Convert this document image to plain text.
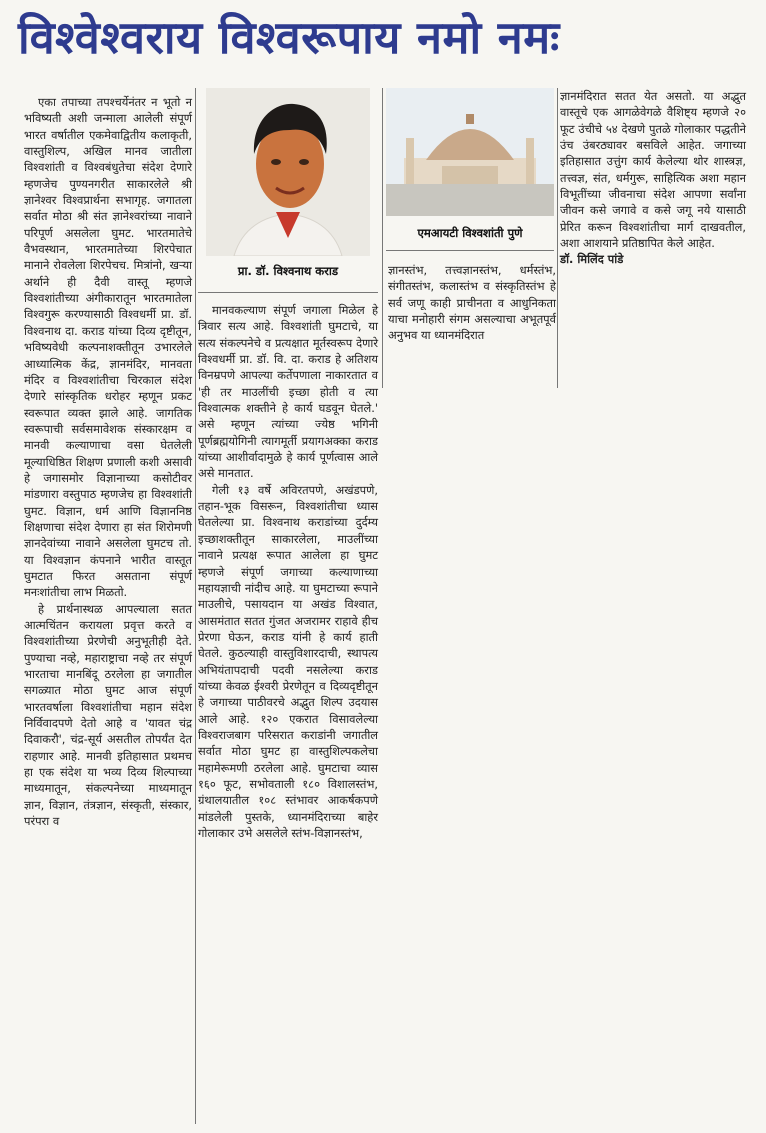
विश्वेश्वराय विश्वरूपाय नमो नमः

एका तपाच्या तपश्चर्येनंतर न भूतो न भविष्यती अशी जन्माला आलेली संपूर्ण भारत वर्षातील एकमेवाद्वितीय कलाकृती, वास्तुशिल्प, अखिल मानव जातीला विश्वशांती व विश्वबंधुतेचा संदेश देणारे म्हणजेच पुण्यनगरीत साकारलेले श्री ज्ञानेश्वर विश्वप्रार्थना सभागृह. जगातला सर्वात मोठा श्री संत ज्ञानेश्वरांच्या नावाने परिपूर्ण असलेला घुमट. भारतमातेचे वैभवस्थान, भारतमातेच्या शिरपेचात मानाने रोवलेला शिरपेचच. मित्रांनो, खऱ्या अर्थाने ही दैवी वास्तू म्हणजे विश्वशांतीच्या अंगीकारातून भारतमातेला विश्वगुरू करण्यासाठी विश्वधर्मी प्रा. डॉ. विश्वनाथ दा. कराड यांच्या दिव्य दृष्टीतून, भविष्यवेधी कल्पनाशक्तीतून उभारलेले आध्यात्मिक केंद्र, ज्ञानमंदिर, मानवता मंदिर व विश्वशांतीचा चिरकाल संदेश देणारे सांस्कृतिक धरोहर म्हणून प्रकट स्वरूपात व्यक्त झाले आहे. जागतिक स्वरूपाची सर्वसमावेशक संस्कारक्षम व मानवी कल्याणाचा वसा घेतलेली मूल्याधिष्ठित शिक्षण प्रणाली कशी असावी हे जगासमोर विज्ञानाच्या कसोटीवर मांडणारा वस्तुपाठ म्हणजेच हा विश्वशांती घुमट. विज्ञान, धर्म आणि विज्ञाननिष्ठ शिक्षणाचा संदेश देणारा हा संत शिरोमणी ज्ञानदेवांच्या नावाने असलेला घुमटच तो. या विश्वज्ञान कंपनाने भारीत वास्तूत घुमटात फिरत असताना संपूर्ण मनःशांतीचा लाभ मिळतो.

हे प्रार्थनास्थळ आपल्याला सतत आत्मचिंतन करायला प्रवृत्त करते व विश्वशांतीच्या प्रेरणेची अनुभूतीही देते. पुण्याचा नव्हे, महाराष्ट्राचा नव्हे तर संपूर्ण भारताचा मानबिंदू ठरलेला हा जगातील सगळ्यात मोठा घुमट आज संपूर्ण भारतवर्षाला विश्वशांतीचा महान संदेश निर्विवादपणे देतो आहे व 'यावत चंद्र दिवाकरौ', चंद्र-सूर्य असतील तोपर्यंत देत राहणार आहे. मानवी इतिहासात प्रथमच हा एक संदेश या भव्य दिव्य शिल्पाच्या माध्यमातून, संकल्पनेच्या माध्यमातून ज्ञान, विज्ञान, तंत्रज्ञान, संस्कृती, संस्कार, परंपरा व

प्रा. डॉ. विश्वनाथ कराड

मानवकल्याण संपूर्ण जगाला मिळेल हे त्रिवार सत्य आहे. विश्वशांती घुमटाचे, या सत्य संकल्पनेचे व प्रत्यक्षात मूर्तस्वरूप देणारे विश्वधर्मी प्रा. डॉ. वि. दा. कराड हे अतिशय विनम्रपणे आपल्या कर्तेपणाला नाकारतात व 'ही तर माउलींची इच्छा होती व त्या विश्वात्मक शक्तीने हे कार्य घडवून घेतले.' असे म्हणून त्यांच्या ज्येष्ठ भगिनी पूर्णब्रह्मयोगिनी त्यागमूर्ती प्रयागअक्का कराड यांच्या आशीर्वादामुळे हे कार्य पूर्णत्वास आले असे मानतात.

गेली १३ वर्षे अविरतपणे, अखंडपणे, तहान-भूक विसरून, विश्वशांतीचा ध्यास घेतलेल्या प्रा. विश्वनाथ कराडांच्या दुर्दम्य इच्छाशक्तीतून साकारलेला, माउलींच्या नावाने प्रत्यक्ष रूपात आलेला हा घुमट म्हणजे संपूर्ण जगाच्या कल्याणाच्या महायज्ञाची नांदीच आहे. या घुमटाच्या रूपाने माउलीचे, पसायदान या अखंड विश्वात, आसमंतात सतत गुंजत अजरामर राहावे हीच प्रेरणा घेऊन, कराड यांनी हे कार्य हाती घेतले. कुठल्याही वास्तुविशारदाची, स्थापत्य अभियंतापदाची पदवी नसलेल्या कराड यांच्या केवळ ईश्वरी प्रेरणेतून व दिव्यदृष्टीतून हे जगाच्या पाठीवरचे अद्भुत शिल्प उदयास आले आहे. १२० एकरात विसावलेल्या विश्वराजबाग परिसरात कराडांनी जगातील सर्वात मोठा घुमट हा वास्तुशिल्पकलेचा महामेरूमणी ठरलेला आहे. घुमटाचा व्यास १६० फूट, सभोवताली १८० विशालस्तंभ, ग्रंथालयातील १०८ स्तंभावर आकर्षकपणे मांडलेली पुस्तके, ध्यानमंदिराच्या बाहेर गोलाकार उभे असलेले स्तंभ-विज्ञानस्तंभ,

एमआयटी विश्वशांती पुणे

ज्ञानस्तंभ, तत्त्वज्ञानस्तंभ, धर्मस्तंभ, संगीतस्तंभ, कलास्तंभ व संस्कृतिस्तंभ हे सर्व जणू काही प्राचीनता व आधुनिकता याचा मनोहारी संगम असल्याचा अभूतपूर्व अनुभव या ध्यानमंदिरात

ज्ञानमंदिरात सतत येत असतो. या अद्भुत वास्तूचे एक आगळेवेगळे वैशिष्ट्य म्हणजे २० फूट उंचीचे ५४ देखणे पुतळे गोलाकार पद्धतीने उंच उंबरठ्यावर बसविले आहेत. जगाच्या इतिहासात उत्तुंग कार्य केलेल्या थोर शास्त्रज्ञ, तत्त्वज्ञ, संत, धर्मगुरू, साहित्यिक अशा महान विभूतींच्या जीवनाचा संदेश आपणा सर्वांना जीवन कसे जगावे व कसे जगू नये यासाठी प्रेरित करून विश्वशांतीचा मार्ग दाखवतील, अशा आशयाने प्रतिष्ठापित केले आहेत.

डॉ. मिलिंद पांडे
